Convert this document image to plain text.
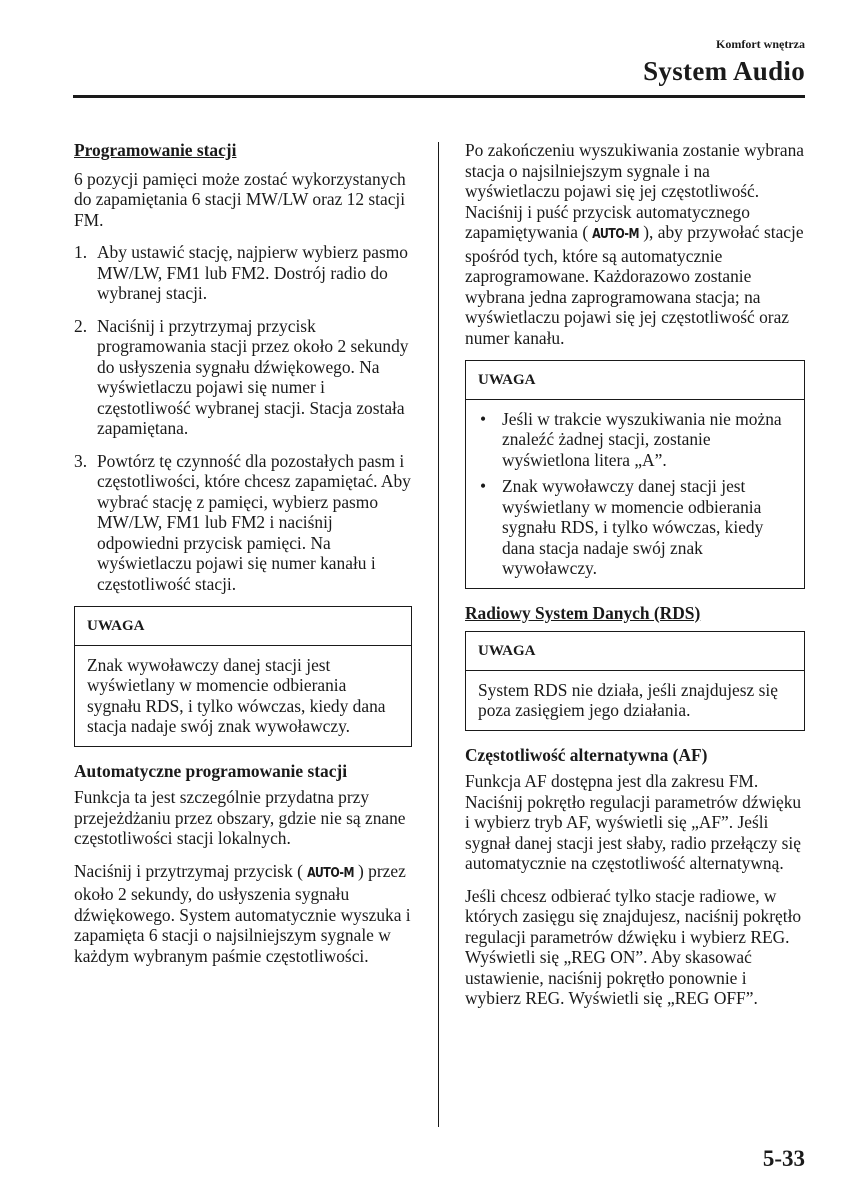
Komfort wnętrza
System Audio
Programowanie stacji

6 pozycji pamięci może zostać wykorzystanych do zapamiętania 6 stacji MW/LW oraz 12 stacji FM.

1. Aby ustawić stację, najpierw wybierz pasmo MW/LW, FM1 lub FM2. Dostrój radio do wybranej stacji.
2. Naciśnij i przytrzymaj przycisk programowania stacji przez około 2 sekundy do usłyszenia sygnału dźwiękowego. Na wyświetlaczu pojawi się numer i częstotliwość wybranej stacji. Stacja została zapamiętana.
3. Powtórz tę czynność dla pozostałych pasm i częstotliwości, które chcesz zapamiętać. Aby wybrać stację z pamięci, wybierz pasmo MW/LW, FM1 lub FM2 i naciśnij odpowiedni przycisk pamięci. Na wyświetlaczu pojawi się numer kanału i częstotliwość stacji.
UWAGA
Znak wywoławczy danej stacji jest wyświetlany w momencie odbierania sygnału RDS, i tylko wówczas, kiedy dana stacja nadaje swój znak wywoławczy.
Automatyczne programowanie stacji

Funkcja ta jest szczególnie przydatna przy przejeżdżaniu przez obszary, gdzie nie są znane częstotliwości stacji lokalnych.

Naciśnij i przytrzymaj przycisk ( AUTO-M ) przez około 2 sekundy, do usłyszenia sygnału dźwiękowego. System automatycznie wyszuka i zapamięta 6 stacji o najsilniejszym sygnale w każdym wybranym paśmie częstotliwości.

Po zakończeniu wyszukiwania zostanie wybrana stacja o najsilniejszym sygnale i na wyświetlaczu pojawi się jej częstotliwość. Naciśnij i puść przycisk automatycznego zapamiętywania ( AUTO-M ), aby przywołać stacje spośród tych, które są automatycznie zaprogramowane. Każdorazowo zostanie wybrana jedna zaprogramowana stacja; na wyświetlaczu pojawi się jej częstotliwość oraz numer kanału.

UWAGA
• Jeśli w trakcie wyszukiwania nie można znaleźć żadnej stacji, zostanie wyświetlona litera „A”.
• Znak wywoławczy danej stacji jest wyświetlany w momencie odbierania sygnału RDS, i tylko wówczas, kiedy dana stacja nadaje swój znak wywoławczy.
Radiowy System Danych (RDS)
UWAGA
System RDS nie działa, jeśli znajdujesz się poza zasięgiem jego działania.
Częstotliwość alternatywna (AF)

Funkcja AF dostępna jest dla zakresu FM. Naciśnij pokrętło regulacji parametrów dźwięku i wybierz tryb AF, wyświetli się „AF”. Jeśli sygnał danej stacji jest słaby, radio przełączy się automatycznie na częstotliwość alternatywną.

Jeśli chcesz odbierać tylko stacje radiowe, w których zasięgu się znajdujesz, naciśnij pokrętło regulacji parametrów dźwięku i wybierz REG. Wyświetli się „REG ON”. Aby skasować ustawienie, naciśnij pokrętło ponownie i wybierz REG. Wyświetli się „REG OFF”.

5-33
